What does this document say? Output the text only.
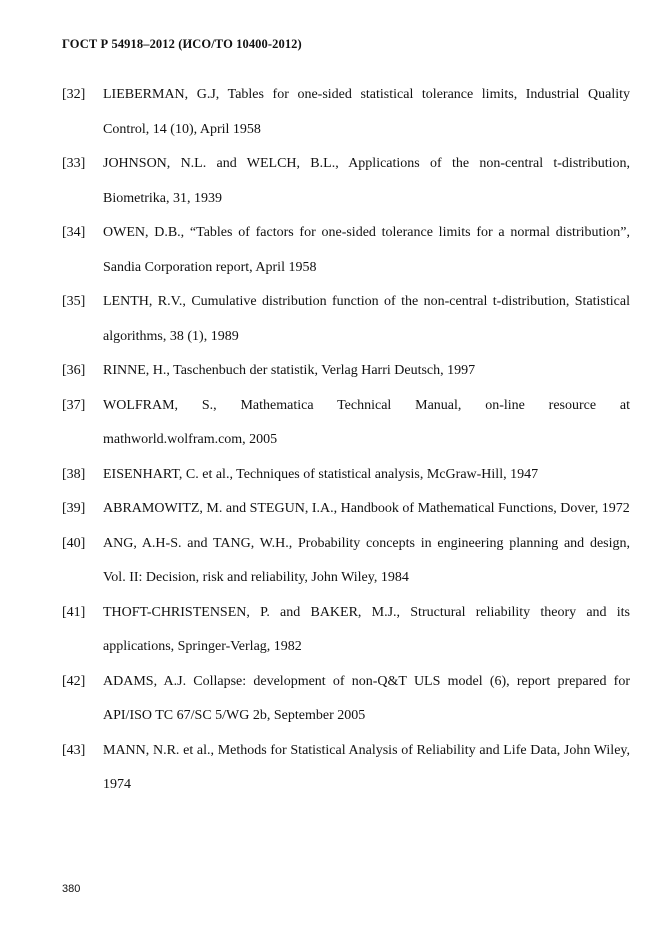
ГОСТ Р 54918–2012 (ИСО/ТО 10400-2012)
[32]	LIEBERMAN, G.J, Tables for one-sided statistical tolerance limits, Industrial Quality Control, 14 (10), April 1958
[33]	JOHNSON, N.L. and WELCH, B.L., Applications of the non-central t-distribution, Biometrika, 31, 1939
[34]	OWEN, D.B., “Tables of factors for one-sided tolerance limits for a normal distribution”, Sandia Corporation report, April 1958
[35]	LENTH, R.V., Cumulative distribution function of the non-central t-distribution, Statistical algorithms, 38 (1), 1989
[36]	RINNE, H., Taschenbuch der statistik, Verlag Harri Deutsch, 1997
[37]	WOLFRAM, S., Mathematica Technical Manual, on-line resource at mathworld.wolfram.com, 2005
[38]	EISENHART, C. et al., Techniques of statistical analysis, McGraw-Hill, 1947
[39]	ABRAMOWITZ, M. and STEGUN, I.A., Handbook of Mathematical Functions, Dover, 1972
[40]	ANG, A.H-S. and TANG, W.H., Probability concepts in engineering planning and design, Vol. II: Decision, risk and reliability, John Wiley, 1984
[41]	THOFT-CHRISTENSEN, P. and BAKER, M.J., Structural reliability theory and its applications, Springer-Verlag, 1982
[42]	ADAMS, A.J. Collapse: development of non-Q&T ULS model (6), report prepared for API/ISO TC 67/SC 5/WG 2b, September 2005
[43]	MANN, N.R. et al., Methods for Statistical Analysis of Reliability and Life Data, John Wiley, 1974
380
